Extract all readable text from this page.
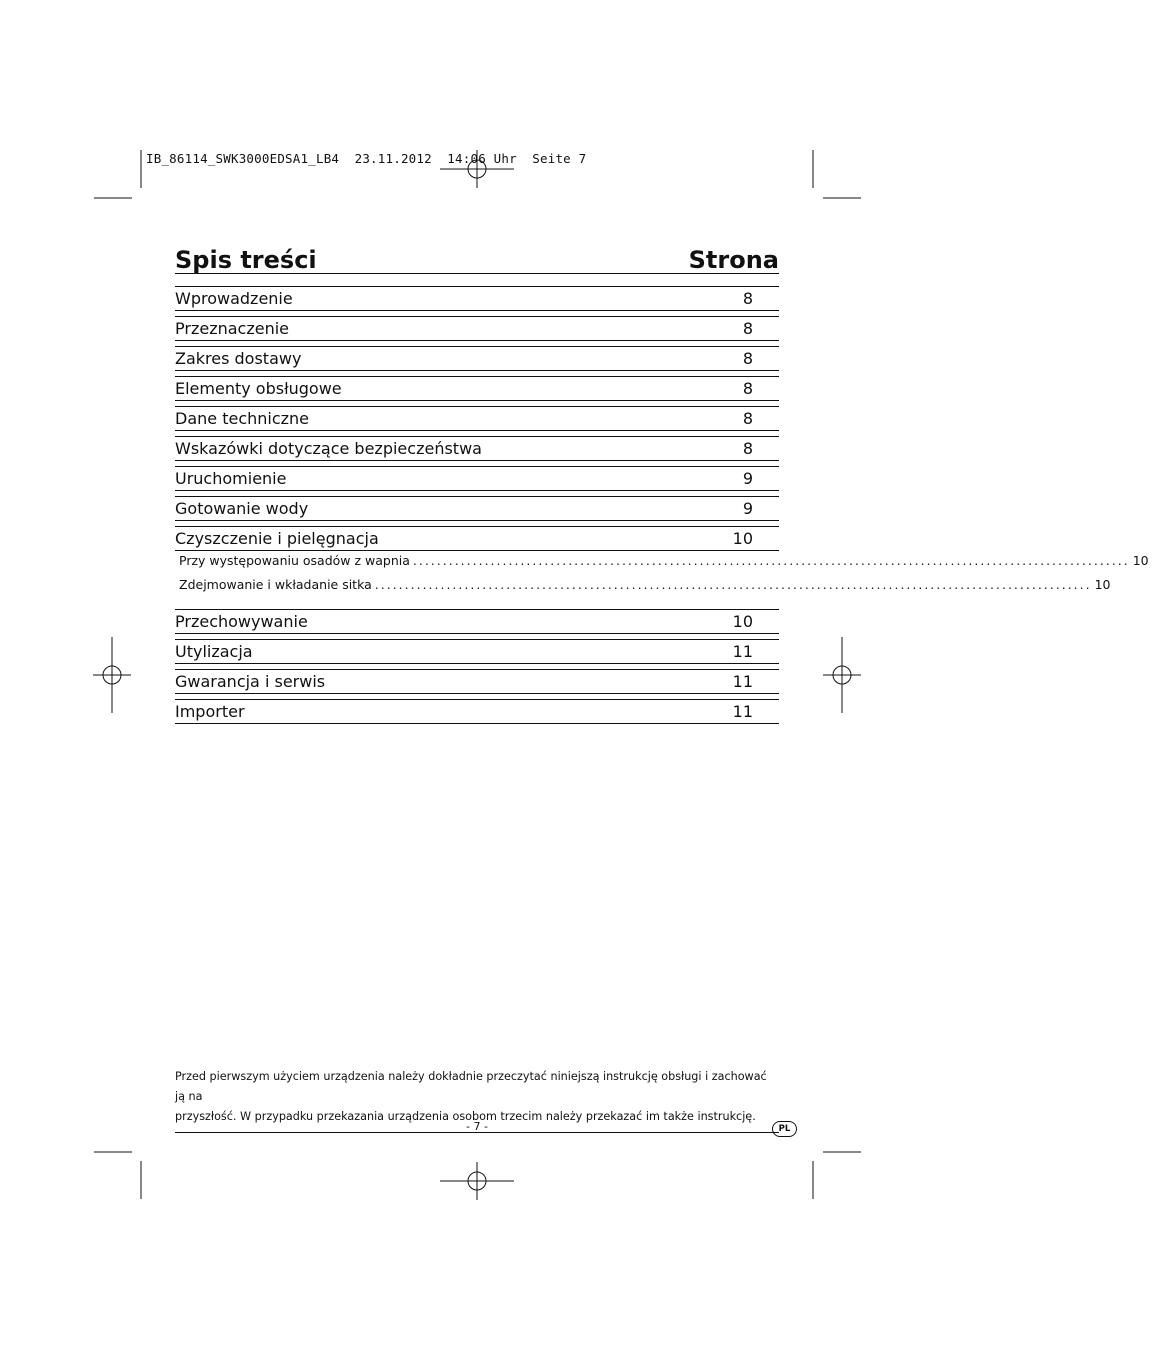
IB_86114_SWK3000EDSA1_LB4  23.11.2012  14:06 Uhr  Seite 7
Spis treści	Strona
Wprowadzenie	8
Przeznaczenie	8
Zakres dostawy	8
Elementy obsługowe	8
Dane techniczne	8
Wskazówki dotyczące bezpieczeństwa	8
Uruchomienie	9
Gotowanie wody	9
Czyszczenie i pielęgnacja	10
Przy występowaniu osadów z wapnia ........................................................................................................................ 10
Zdejmowanie i wkładanie sitka ........................................................................................................................ 10
Przechowywanie	10
Utylizacja	11
Gwarancja i serwis	11
Importer	11
Przed pierwszym użyciem urządzenia należy dokładnie przeczytać niniejszą instrukcję obsługi i zachować ją na
przyszłość. W przypadku przekazania urządzenia osobom trzecim należy przekazać im także instrukcję.
- 7 -	PL
